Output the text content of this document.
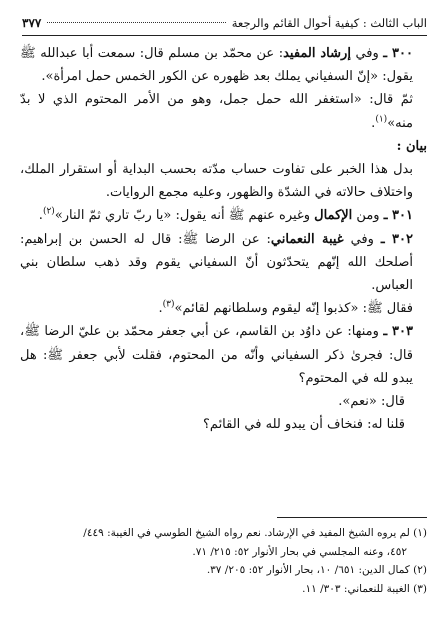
الباب الثالث : كيفية أحوال القائم والرجعة
٣٧٧

٣٠٠ ـ وفي إرشاد المفيد: عن محمّد بن مسلم قال: سمعت أبا عبدالله ﷺ يقول: «إنّ السفياني يملك بعد ظهوره عن الكور الخمس حمل امرأة».

ثمّ قال: «استغفر الله حمل جمل، وهو من الأمر المحتوم الذي لا بدّ منه»$^{(١)}$.

بيان :

بدل هذا الخبر على تفاوت حساب مدّته بحسب البداية أو استقرار الملك، واختلاف حالاته في الشدّة والظهور، وعليه مجمع الروايات.

٣٠١ ـ ومن الإكمال وغيره عنهم ﷺ أنه يقول: «يا ربّ تاري ثمّ النار»$^{(٢)}$.

٣٠٢ ـ وفي غيبة النعماني: عن الرضا ﷺ: قال له الحسن بن إبراهيم: أصلحك الله إنّهم يتحدّثون أنّ السفياني يقوم وقد ذهب سلطان بني العباس.

فقال ﷺ: «كذبوا إنّه ليقوم وسلطانهم لقائم»$^{(٣)}$.

٣٠٣ ـ ومنها: عن داوُد بن القاسم، عن أبي جعفر محمّد بن عليّ الرضا ﷺ، قال: فجرىٰ ذكر السفياني وأنّه من المحتوم، فقلت لأبي جعفر ﷺ: هل يبدو لله في المحتوم؟

قال: «نعم».

قلنا له: فنخاف أن يبدو لله في القائم؟

(١) لم يروه الشيخ المفيد في الإرشاد. نعم رواه الشيخ الطوسي في الغيبة: ٤٤٩/

٤٥٢، وعنه المجلسي في بحار الأنوار ٥٢: ٢١٥/ ٧١.

(٢) كمال الدين: ٦٥١/ ١٠، بحار الأنوار ٥٢: ٢٠٥/ ٣٧.

(٣) الغيبة للنعماني: ٣٠٣/ ١١.
